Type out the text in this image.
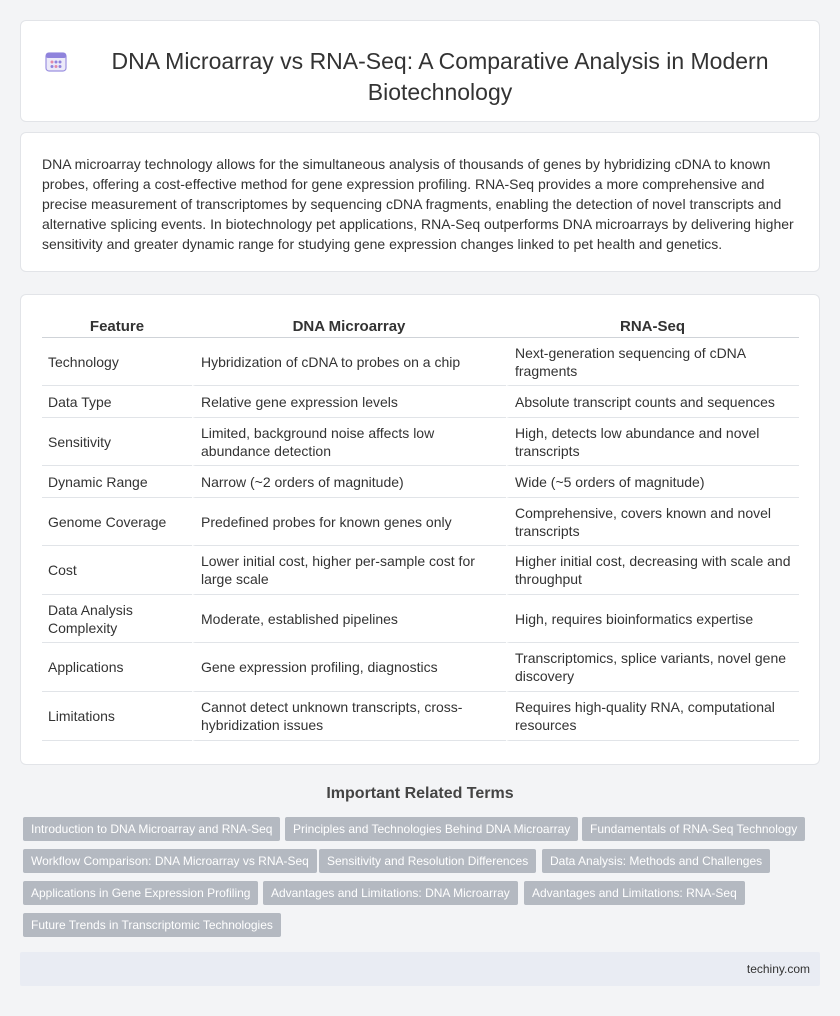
DNA Microarray vs RNA-Seq: A Comparative Analysis in Modern Biotechnology

DNA microarray technology allows for the simultaneous analysis of thousands of genes by hybridizing cDNA to known probes, offering a cost-effective method for gene expression profiling. RNA-Seq provides a more comprehensive and precise measurement of transcriptomes by sequencing cDNA fragments, enabling the detection of novel transcripts and alternative splicing events. In biotechnology pet applications, RNA-Seq outperforms DNA microarrays by delivering higher sensitivity and greater dynamic range for studying gene expression changes linked to pet health and genetics.

Feature	DNA Microarray	RNA-Seq
Technology	Hybridization of cDNA to probes on a chip	Next-generation sequencing of cDNA fragments
Data Type	Relative gene expression levels	Absolute transcript counts and sequences
Sensitivity	Limited, background noise affects low abundance detection	High, detects low abundance and novel transcripts
Dynamic Range	Narrow (~2 orders of magnitude)	Wide (~5 orders of magnitude)
Genome Coverage	Predefined probes for known genes only	Comprehensive, covers known and novel transcripts
Cost	Lower initial cost, higher per-sample cost for large scale	Higher initial cost, decreasing with scale and throughput
Data Analysis Complexity	Moderate, established pipelines	High, requires bioinformatics expertise
Applications	Gene expression profiling, diagnostics	Transcriptomics, splice variants, novel gene discovery
Limitations	Cannot detect unknown transcripts, cross-hybridization issues	Requires high-quality RNA, computational resources
Important Related Terms
Introduction to DNA Microarray and RNA-Seq	Principles and Technologies Behind DNA Microarray	Fundamentals of RNA-Seq Technology
Workflow Comparison: DNA Microarray vs RNA-Seq	Sensitivity and Resolution Differences	Data Analysis: Methods and Challenges
Applications in Gene Expression Profiling	Advantages and Limitations: DNA Microarray	Advantages and Limitations: RNA-Seq
Future Trends in Transcriptomic Technologies
techiny.com
